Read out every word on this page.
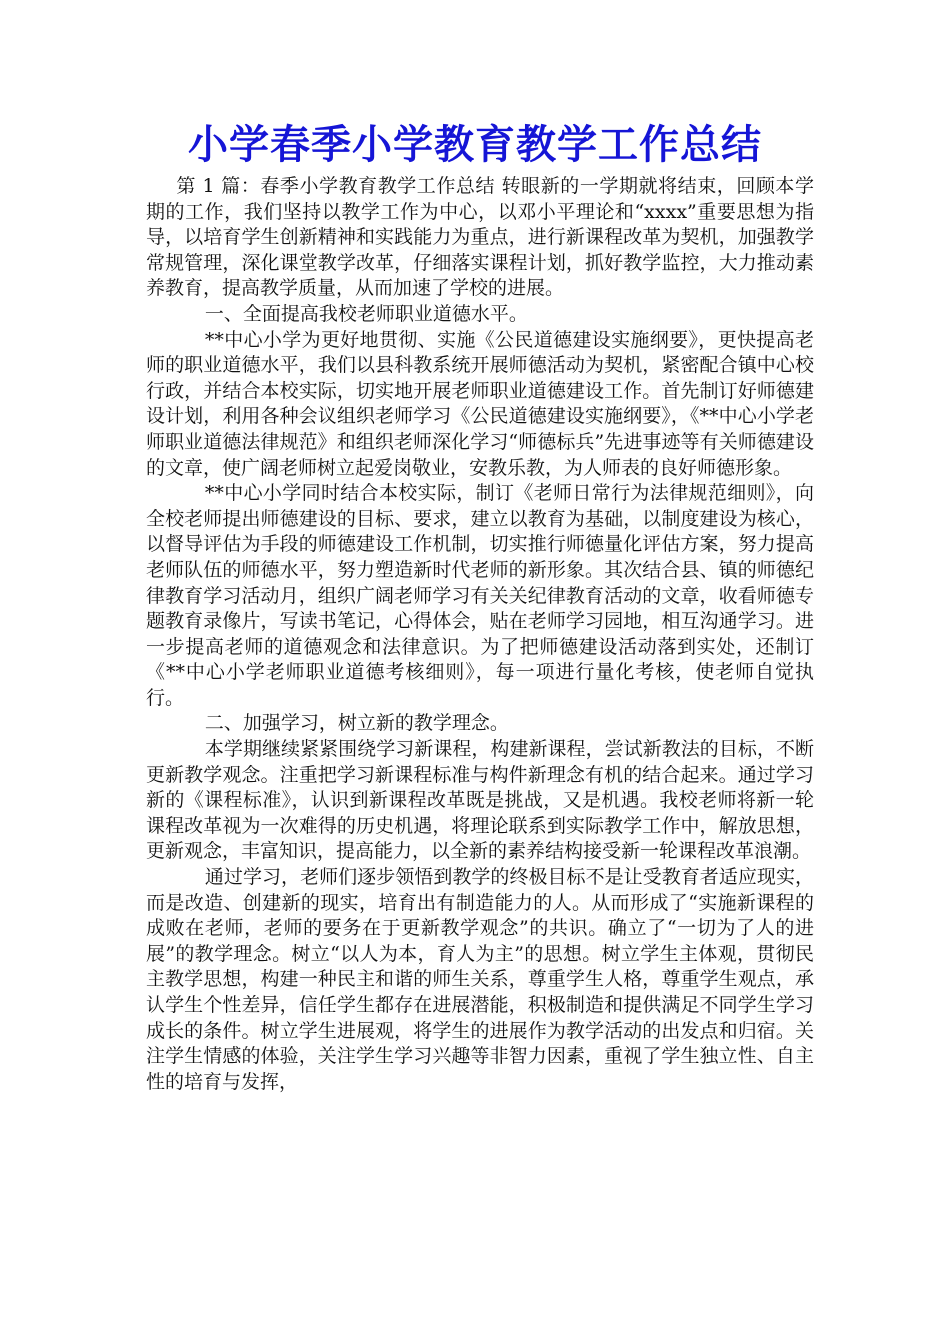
小学春季小学教育教学工作总结

第 1 篇：春季小学教育教学工作总结 转眼新的一学期就将结束，回顾本学期的工作，我们坚持以教学工作为中心，以邓小平理论和“xxxx”重要思想为指导，以培育学生创新精神和实践能力为重点，进行新课程改革为契机，加强教学常规管理，深化课堂教学改革，仔细落实课程计划，抓好教学监控，大力推动素养教育，提高教学质量，从而加速了学校的进展。

一、全面提高我校老师职业道德水平。

**中心小学为更好地贯彻、实施《公民道德建设实施纲要》，更快提高老师的职业道德水平，我们以县科教系统开展师德活动为契机，紧密配合镇中心校行政，并结合本校实际，切实地开展老师职业道德建设工作。首先制订好师德建设计划，利用各种会议组织老师学习《公民道德建设实施纲要》，《**中心小学老师职业道德法律规范》和组织老师深化学习“师德标兵”先进事迹等有关师德建设的文章，使广阔老师树立起爱岗敬业，安教乐教，为人师表的良好师德形象。

**中心小学同时结合本校实际，制订《老师日常行为法律规范细则》，向全校老师提出师德建设的目标、要求，建立以教育为基础，以制度建设为核心，以督导评估为手段的师德建设工作机制，切实推行师德量化评估方案，努力提高老师队伍的师德水平，努力塑造新时代老师的新形象。其次结合县、镇的师德纪律教育学习活动月，组织广阔老师学习有关关纪律教育活动的文章，收看师德专题教育录像片，写读书笔记，心得体会，贴在老师学习园地，相互沟通学习。进一步提高老师的道德观念和法律意识。为了把师德建设活动落到实处，还制订《**中心小学老师职业道德考核细则》，每一项进行量化考核，使老师自觉执行。

二、加强学习，树立新的教学理念。

本学期继续紧紧围绕学习新课程，构建新课程，尝试新教法的目标，不断更新教学观念。注重把学习新课程标准与构件新理念有机的结合起来。通过学习新的《课程标准》，认识到新课程改革既是挑战，又是机遇。我校老师将新一轮课程改革视为一次难得的历史机遇，将理论联系到实际教学工作中，解放思想，更新观念，丰富知识，提高能力，以全新的素养结构接受新一轮课程改革浪潮。

通过学习，老师们逐步领悟到教学的终极目标不是让受教育者适应现实，而是改造、创建新的现实，培育出有制造能力的人。从而形成了“实施新课程的成败在老师，老师的要务在于更新教学观念”的共识。确立了“一切为了人的进展”的教学理念。树立“以人为本，育人为主”的思想。树立学生主体观，贯彻民主教学思想，构建一种民主和谐的师生关系，尊重学生人格，尊重学生观点，承认学生个性差异，信任学生都存在进展潜能，积极制造和提供满足不同学生学习成长的条件。树立学生进展观，将学生的进展作为教学活动的出发点和归宿。关注学生情感的体验，关注学生学习兴趣等非智力因素，重视了学生独立性、自主性的培育与发挥，
